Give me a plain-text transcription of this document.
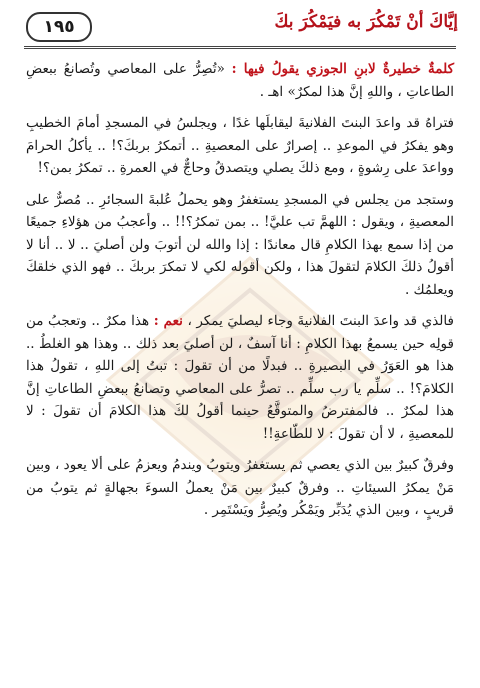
١٩٥	إيَّاكَ أنْ تَمْكُرَ به فيَمْكُرَ بكَ

كلمةٌ خطيرةٌ لابنِ الجوزي يقولُ فيها : «تُصِرُّ على المعاصي وتُصانعُ ببعضِ الطاعاتِ ، واللهِ إنَّ هذا لمكرٌ» اهـ .

فتراهُ قد واعدَ البنتَ الفلانيةَ ليقابلَها غدًا ، ويجلسُ في المسجدِ أمامَ الخطيبِ وهو يفكرُ في الموعدِ .. إصرارٌ على المعصيةِ .. أتمكرُ بربكَ؟! .. يأكلُ الحرامَ وواعدَ على رِشوةٍ ، ومع ذلكَ يصلي ويتصدقُ وحاجٌّ في العمرةِ .. تمكرُ بمن؟!

وستجد من يجلس في المسجدِ يستغفرُ وهو يحملُ عُلبةَ السجائرِ .. مُصرٌّ على المعصيةِ ، ويقول : اللهمَّ تب عليَّ! .. بمن تمكرُ؟!! .. وأعجبُ من هؤلاءِ جميعًا من إذا سمع بهذا الكلامِ قال معاندًا : إذا والله لن أتوبَ ولن أصليَ .. لا .. أنا لا أقولُ ذلكَ الكلامَ لتقولَ هذا ، ولكن أقوله لكي لا تمكرَ بربكَ .. فهو الذي خلقكَ ويعلمُك .

فالذي قد واعدَ البنتَ الفلانيةَ وجاء ليصليَ يمكر ، نعم : هذا مكرٌ .. وتعجبُ من قولِه حين يسمعُ بهذا الكلامِ : أنا آسفٌ ، لن أصليَ بعد ذلك .. وهذا هو الغلطُ .. هذا هو العَوَرُ في البصيرةِ .. فبدلًا من أن تقولَ : تبتُ إلى اللهِ ، تقولُ هذا الكلامَ؟! .. سلِّم يا رب سلِّم .. تصرُّ على المعاصي وتصانعُ ببعضِ الطاعاتِ إنَّ هذا لمكرٌ .. فالمفترضُ والمتوقَّعُ حينما أقولُ لكَ هذا الكلامَ أن تقولَ : لا للمعصيةِ ، لا أن تقولَ : لا للطّاعةِ!!

وفرقٌ كبيرٌ بين الذي يعصي ثم يستغفرُ ويتوبُ ويندمُ ويعزمُ على ألا يعود ، وبين مَنْ يمكرُ السيئاتِ .. وفرقٌ كبيرٌ بين مَنْ يعملُ السوءَ بجهالةٍ ثم يتوبُ من قريبٍ ، وبين الذي يُدَبِّر ويَمْكُر ويُصِرُّ ويَسْتَمِر .
